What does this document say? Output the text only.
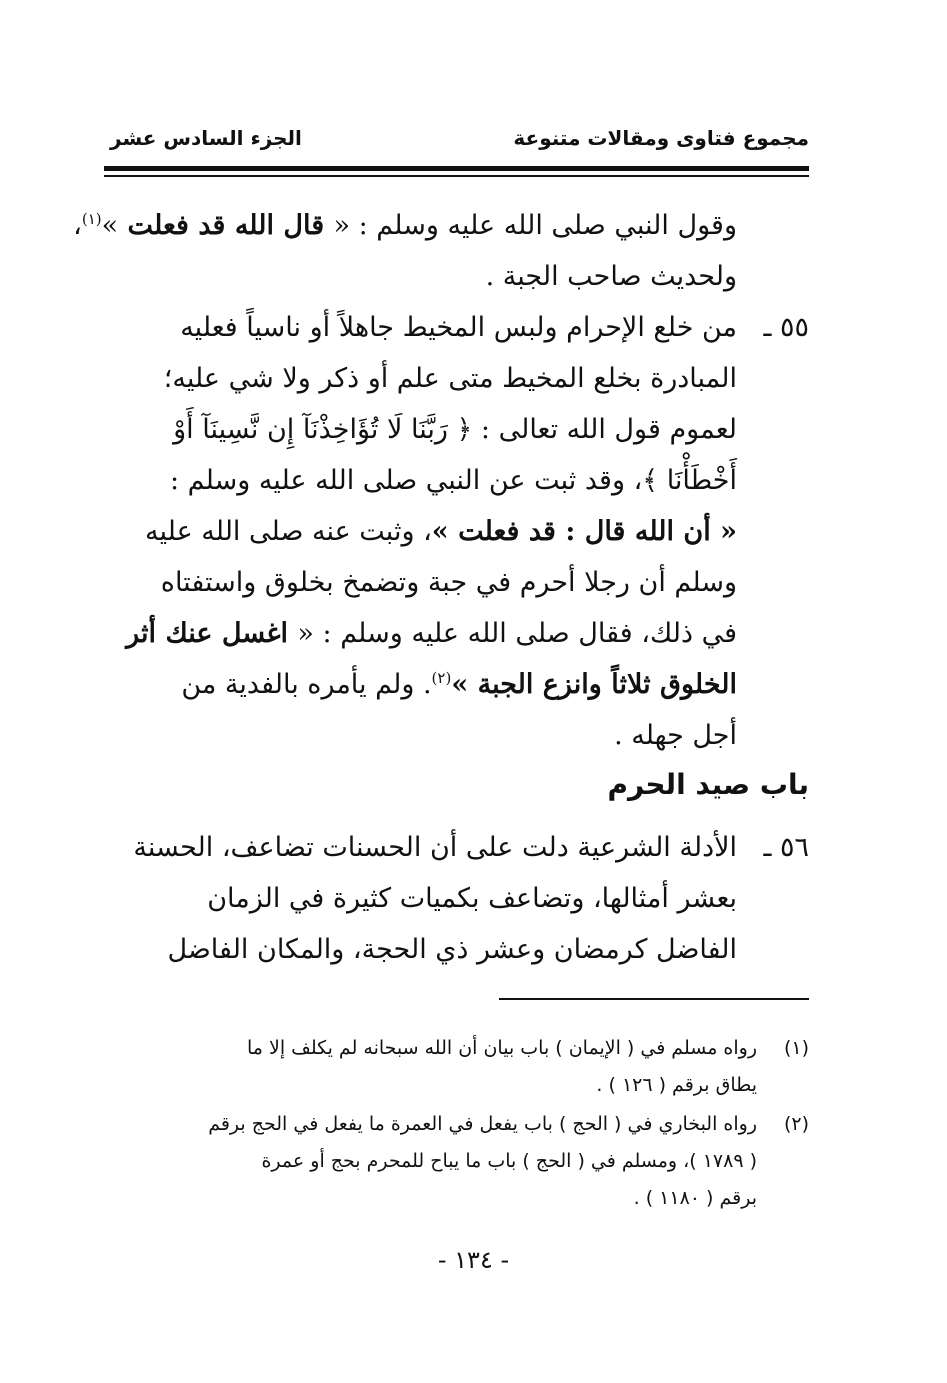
مجموع فتاوى ومقالات متنوعة
الجزء السادس عشر
وقول النبي صلى الله عليه وسلم : « قال الله قد فعلت »$^{(١)}$،
ولحديث صاحب الجبة .
٥٥ ـ
من خلع الإحرام ولبس المخيط جاهلاً أو ناسياً فعليه
المبادرة بخلع المخيط متى علم أو ذكر ولا شي عليه؛
لعموم قول الله تعالى : ﴿ رَبَّنَا لَا تُؤَاخِذْنَآ إِن نَّسِينَآ أَوْ
أَخْطَأْنَا ﴾، وقد ثبت عن النبي صلى الله عليه وسلم :
« أن الله قال : قد فعلت »، وثبت عنه صلى الله عليه
وسلم أن رجلا أحرم في جبة وتضمخ بخلوق واستفتاه
في ذلك، فقال صلى الله عليه وسلم : « اغسل عنك أثر
الخلوق ثلاثاً وانزع الجبة »$^{(٢)}$. ولم يأمره بالفدية من
أجل جهله .
باب صيد الحرم
٥٦ ـ
الأدلة الشرعية دلت على أن الحسنات تضاعف، الحسنة
بعشر أمثالها، وتضاعف بكميات كثيرة في الزمان
الفاضل كرمضان وعشر ذي الحجة، والمكان الفاضل
(١)
رواه مسلم في ( الإيمان ) باب بيان أن الله سبحانه لم يكلف إلا ما
يطاق برقم ( ١٢٦ ) .
(٢)
رواه البخاري في ( الحج ) باب يفعل في العمرة ما يفعل في الحج برقم
( ١٧٨٩ )، ومسلم في ( الحج ) باب ما يباح للمحرم بحج أو عمرة
برقم ( ١١٨٠ ) .
- ١٣٤ -
